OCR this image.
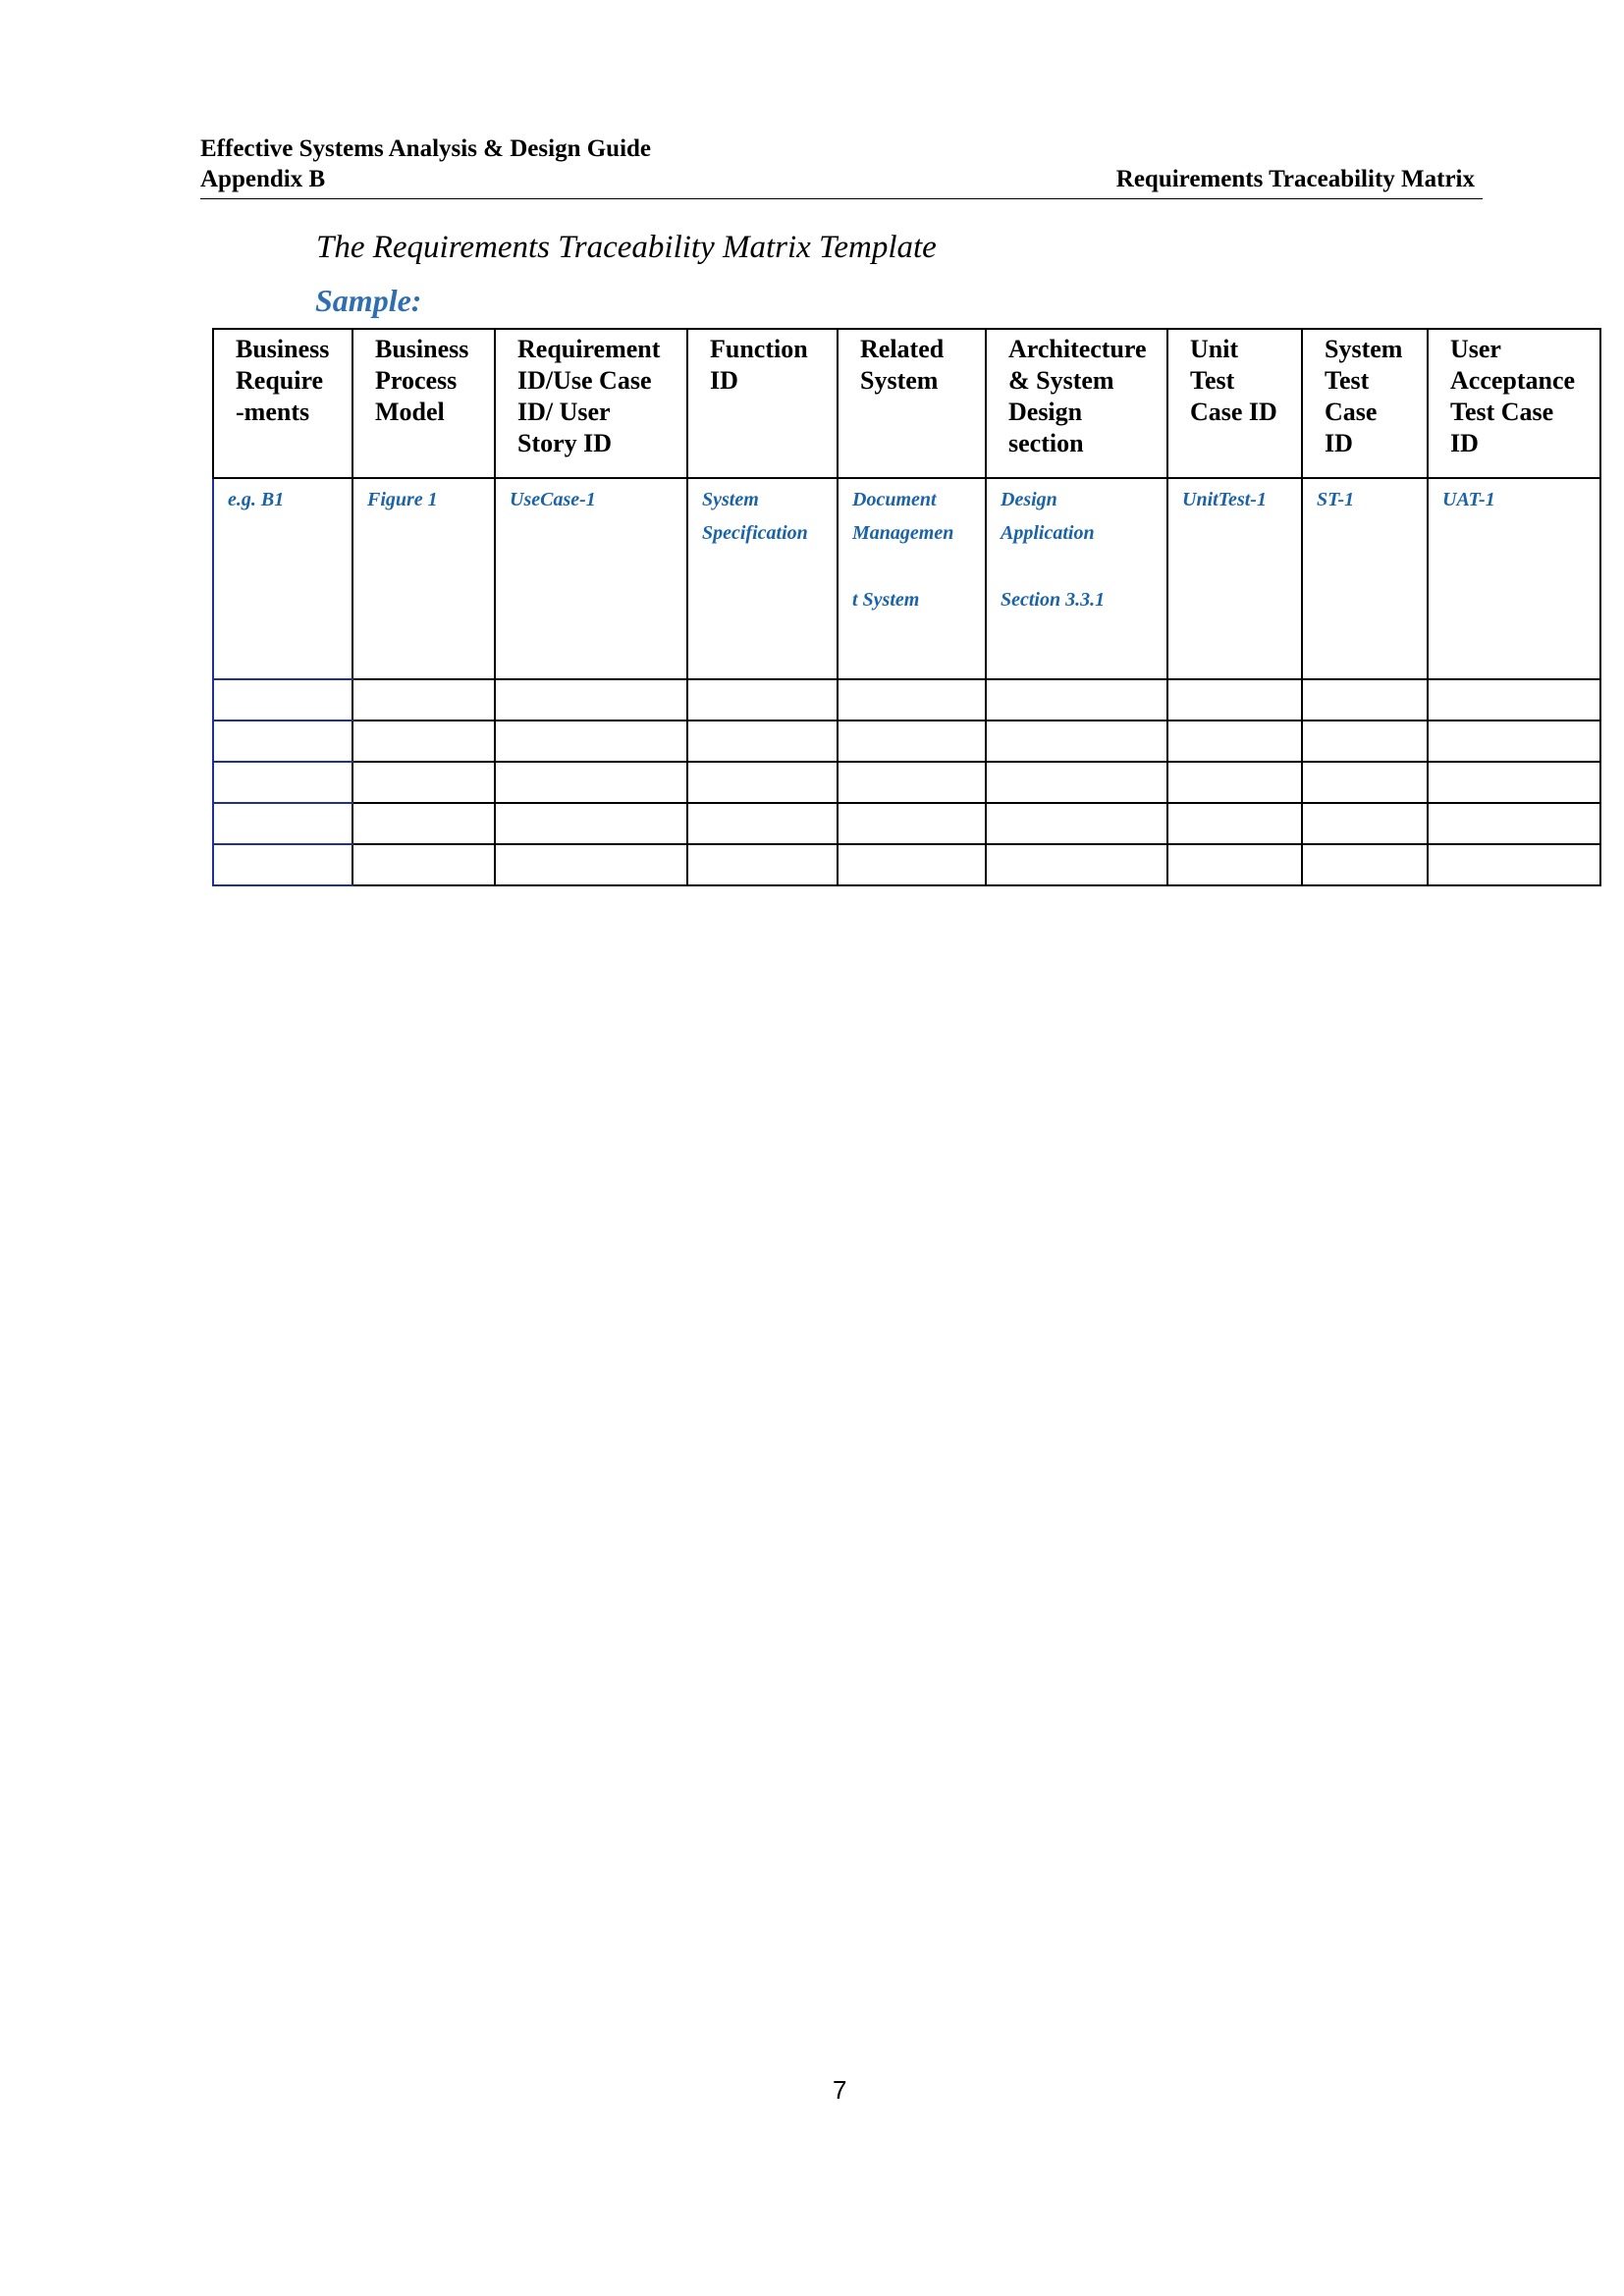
Effective Systems Analysis & Design Guide
Appendix B	Requirements Traceability Matrix
The Requirements Traceability Matrix Template
Sample:
Business
Require
-ments	Business
Process
Model	Requirement
ID/Use Case
ID/ User
Story ID	Function
ID	Related
System	Architecture
& System
Design
section	Unit
Test
Case ID	System
Test
Case
ID	User
Acceptance
Test Case
ID
e.g. B1	Figure 1	UseCase-1	System
Specification	Document
Managemen

t System	Design
Application

Section 3.3.1	UnitTest-1	ST-1	UAT-1

7
